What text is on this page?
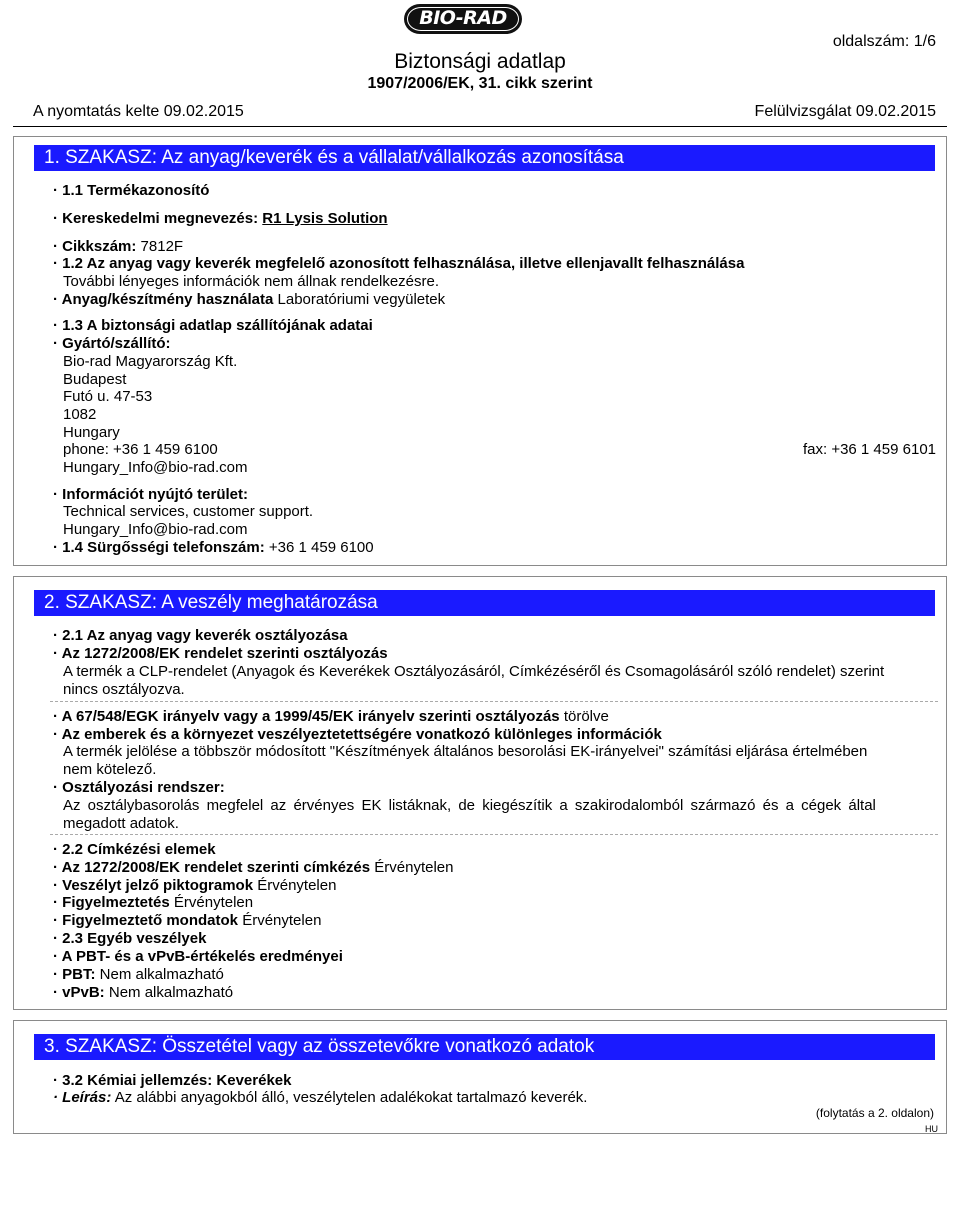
BIO-RAD
Biztonsági adatlap
1907/2006/EK, 31. cikk szerint
oldalszám: 1/6
A nyomtatás kelte 09.02.2015	Felülvizsgálat 09.02.2015
1. SZAKASZ: Az anyag/keverék és a vállalat/vállalkozás azonosítása
· 1.1 Termékazonosító
· Kereskedelmi megnevezés: R1 Lysis Solution
· Cikkszám: 7812F
· 1.2 Az anyag vagy keverék megfelelő azonosított felhasználása, illetve ellenjavallt felhasználása
További lényeges információk nem állnak rendelkezésre.
· Anyag/készítmény használata Laboratóriumi vegyületek
· 1.3 A biztonsági adatlap szállítójának adatai
· Gyártó/szállító:
Bio-rad Magyarország Kft.
Budapest
Futó u. 47-53
1082
Hungary
phone: +36 1 459 6100	fax: +36 1 459 6101
Hungary_Info@bio-rad.com
· Információt nyújtó terület:
Technical services, customer support.
Hungary_Info@bio-rad.com
· 1.4 Sürgősségi telefonszám: +36 1 459 6100
2. SZAKASZ: A veszély meghatározása
· 2.1 Az anyag vagy keverék osztályozása
· Az 1272/2008/EK rendelet szerinti osztályozás
A termék a CLP-rendelet (Anyagok és Keverékek Osztályozásáról, Címkézéséről és Csomagolásáról szóló rendelet) szerint
nincs osztályozva.
· A 67/548/EGK irányelv vagy a 1999/45/EK irányelv szerinti osztályozás törölve
· Az emberek és a környezet veszélyeztetettségére vonatkozó különleges információk
A termék jelölése a többször módosított "Készítmények általános besorolási EK-irányelvei" számítási eljárása értelmében
nem kötelező.
· Osztályozási rendszer:
Az osztálybasorolás megfelel az érvényes EK listáknak, de kiegészítik a szakirodalomból származó és a cégek által
megadott adatok.
· 2.2 Címkézési elemek
· Az 1272/2008/EK rendelet szerinti címkézés Érvénytelen
· Veszélyt jelző piktogramok Érvénytelen
· Figyelmeztetés Érvénytelen
· Figyelmeztető mondatok Érvénytelen
· 2.3 Egyéb veszélyek
· A PBT- és a vPvB-értékelés eredményei
· PBT: Nem alkalmazható
· vPvB: Nem alkalmazható
3. SZAKASZ: Összetétel vagy az összetevőkre vonatkozó adatok
· 3.2 Kémiai jellemzés: Keverékek
· Leírás: Az alábbi anyagokból álló, veszélytelen adalékokat tartalmazó keverék.
(folytatás a 2. oldalon)
HU
